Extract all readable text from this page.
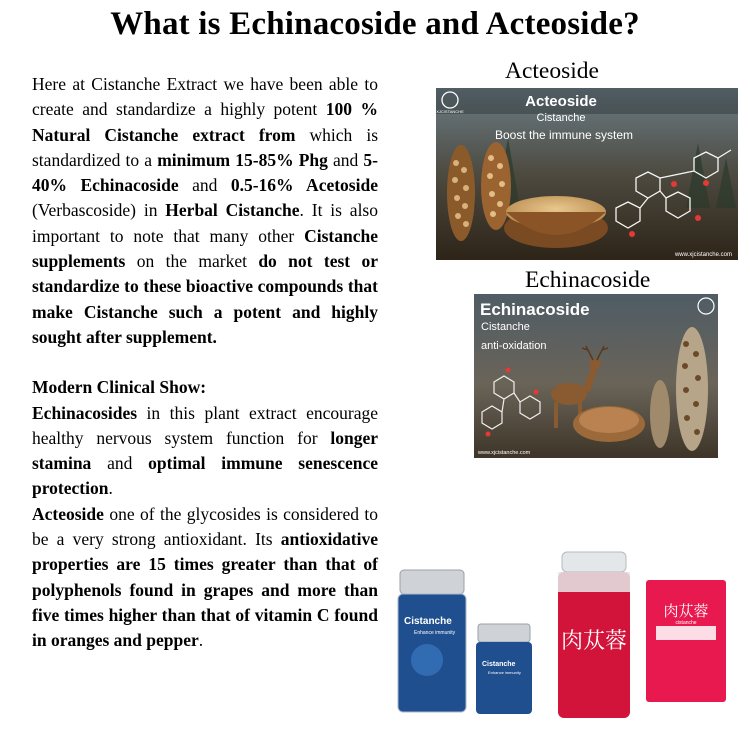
What is Echinacoside and Acteoside?

Here at Cistanche Extract we have been able to create and standardize a highly potent 100 % Natural Cistanche extract from which is standardized to a minimum 15-85% Phg and 5-40% Echinacoside and 0.5-16% Acetoside (Verbascoside) in Herbal Cistanche. It is also important to note that many other Cistanche supplements on the market do not test or standardize to these bioactive compounds that make Cistanche such a potent and highly sought after supplement.

Modern Clinical Show:

Echinacosides in this plant extract encourage healthy nervous system function for longer stamina and optimal immune senescence protection.

Acteoside one of the glycosides is considered to be a very strong antioxidant. Its antioxidative properties are 15 times greater than that of polyphenols found in grapes and more than five times higher than that of vitamin C found in oranges and pepper.

Acteoside
XJCISTANCHE
Acteoside
Cistanche
Boost the immune system
www.xjcistanche.com
Echinacoside
Echinacoside
Cistanche
anti-oxidation
www.xjcistanche.com
Cistanche
Enhance immunity
Cistanche
Enhance immunity
肉苁蓉
肉苁蓉
cistanche
